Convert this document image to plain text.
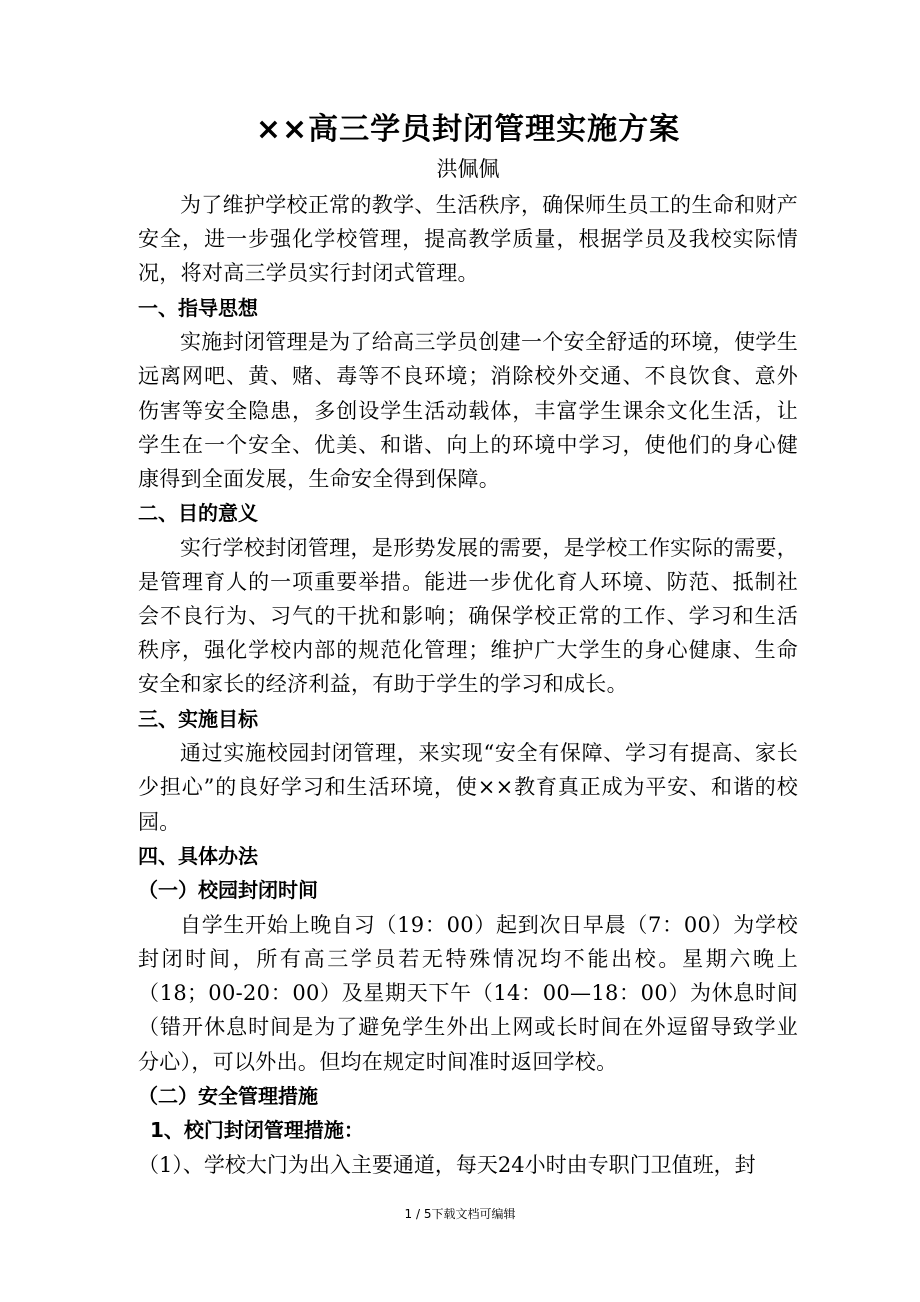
××高三学员封闭管理实施方案

洪佩佩

为了维护学校正常的教学、生活秩序，确保师生员工的生命和财产安全，进一步强化学校管理，提高教学质量，根据学员及我校实际情况，将对高三学员实行封闭式管理。

一、指导思想

实施封闭管理是为了给高三学员创建一个安全舒适的环境，使学生远离网吧、黄、赌、毒等不良环境；消除校外交通、不良饮食、意外伤害等安全隐患，多创设学生活动载体，丰富学生课余文化生活，让学生在一个安全、优美、和谐、向上的环境中学习，使他们的身心健康得到全面发展，生命安全得到保障。

二、目的意义

实行学校封闭管理，是形势发展的需要，是学校工作实际的需要，是管理育人的一项重要举措。能进一步优化育人环境、防范、抵制社会不良行为、习气的干扰和影响；确保学校正常的工作、学习和生活秩序，强化学校内部的规范化管理；维护广大学生的身心健康、生命安全和家长的经济利益，有助于学生的学习和成长。

三、实施目标

通过实施校园封闭管理，来实现“安全有保障、学习有提高、家长少担心”的良好学习和生活环境，使××教育真正成为平安、和谐的校园。

四、具体办法

（一）校园封闭时间

自学生开始上晚自习（19：00）起到次日早晨（7：00）为学校封闭时间，所有高三学员若无特殊情况均不能出校。星期六晚上（18；00-20：00）及星期天下午（14：00—18：00）为休息时间（错开休息时间是为了避免学生外出上网或长时间在外逗留导致学业分心），可以外出。但均在规定时间准时返回学校。

（二）安全管理措施

1、校门封闭管理措施：

（1）、学校大门为出入主要通道，每天24小时由专职门卫值班，封

1 / 5下载文档可编辑
